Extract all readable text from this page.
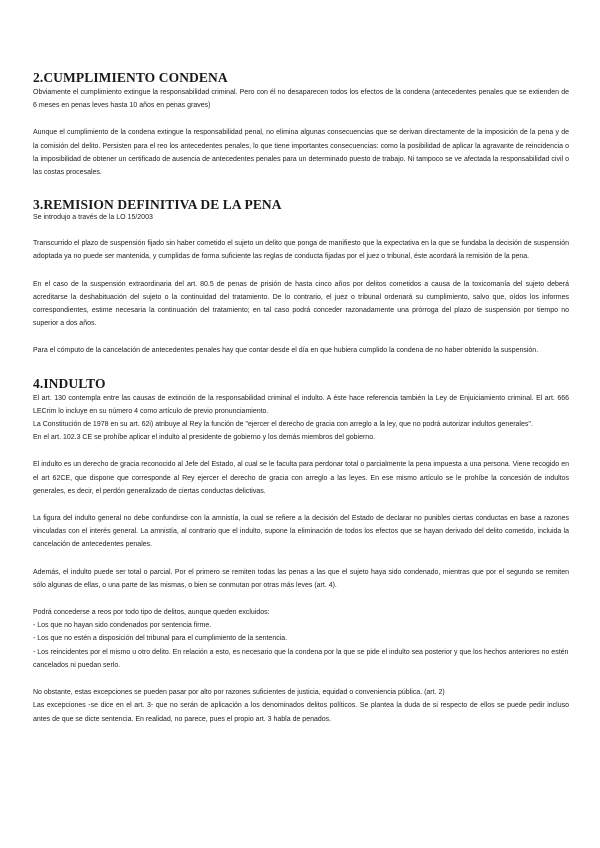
2.CUMPLIMIENTO CONDENA

Obviamente el cumplimiento extingue la responsabilidad criminal. Pero con él no desaparecen todos los efectos de la condena (antecedentes penales que se extienden de 6 meses en penas leves hasta 10 años en penas graves)

Aunque el cumplimiento de la condena extingue la responsabilidad penal, no elimina algunas consecuencias que se derivan directamente de la imposición de la pena y de la comisión del delito. Persisten para el reo los antecedentes penales, lo que tiene importantes consecuencias: como la posibilidad de aplicar la agravante de reincidencia o la imposibilidad de obtener un certificado de ausencia de antecedentes penales para un determinado puesto de trabajo. Ni tampoco se ve afectada la responsabilidad civil o las costas procesales.

3.REMISION DEFINITIVA DE LA PENA

Se introdujo a través de la LO 15/2003

Transcurrido el plazo de suspensión fijado sin haber cometido el sujeto un delito que ponga de manifiesto que la expectativa en la que se fundaba la decisión de suspensión adoptada ya no puede ser mantenida, y cumplidas de forma suficiente las reglas de conducta fijadas por el juez o tribunal, éste acordará la remisión de la pena.

En el caso de la suspensión extraordinaria del art. 80.5 de penas de prisión de hasta cinco años por delitos cometidos a causa de la toxicomanía del sujeto deberá acreditarse la deshabituación del sujeto o la continuidad del tratamiento. De lo contrario, el juez o tribunal ordenará su cumplimiento, salvo que, oídos los informes correspondientes, estime necesaria la continuación del tratamiento; en tal caso podrá conceder razonadamente una prórroga del plazo de suspensión por tiempo no superior a dos años.

Para el cómputo de la cancelación de antecedentes penales hay que contar desde el día en que hubiera cumplido la condena de no haber obtenido la suspensión.

4.INDULTO

El art. 130 contempla entre las causas de extinción de la responsabilidad criminal el indulto. A éste hace referencia también la Ley de Enjuiciamiento criminal. El art. 666 LECrim lo incluye en su número 4 como artículo de previo pronunciamiento.

La Constitución de 1978 en su art. 62i) atribuye al Rey la función de "ejercer el derecho de gracia con arreglo a la ley, que no podrá autorizar indultos generales".

En el art. 102.3 CE se prohíbe aplicar el indulto al presidente de gobierno y los demás miembros del gobierno.

El indulto es un derecho de gracia reconocido al Jefe del Estado, al cual se le faculta para perdonar total o parcialmente la pena impuesta a una persona. Viene recogido en el art 62CE, que dispone que corresponde al Rey ejercer el derecho de gracia con arreglo a las leyes. En ese mismo artículo se le prohíbe la concesión de indultos generales, es decir, el perdón generalizado de ciertas conductas delictivas.

La figura del indulto general no debe confundirse con la amnistía, la cual se refiere a la decisión del Estado de declarar no punibles ciertas conductas en base a razones vinculadas con el interés general. La amnistía, al contrario que el indulto, supone la eliminación de todos los efectos que se hayan derivado del delito cometido, incluida la cancelación de antecedentes penales.

Además, el indulto puede ser total o parcial. Por el primero se remiten todas las penas a las que el sujeto haya sido condenado, mientras que por el segundo se remiten sólo algunas de ellas, o una parte de las mismas, o bien se conmutan por otras más leves (art. 4).

Podrá concederse a reos por todo tipo de delitos, aunque queden excluidos:

- Los que no hayan sido condenados por sentencia firme.
- Los que no estén a disposición del tribunal para el cumplimiento de la sentencia.
- Los reincidentes por el mismo u otro delito. En relación a esto, es necesario que la condena por la que se pide el indulto sea posterior y que los hechos anteriores no estén cancelados ni puedan serlo.

No obstante, estas excepciones se pueden pasar por alto por razones suficientes de justicia, equidad o conveniencia pública. (art. 2)

Las excepciones -se dice en el art. 3- que no serán de aplicación a los denominados delitos políticos. Se plantea la duda de si respecto de ellos se puede pedir incluso antes de que se dicte sentencia. En realidad, no parece, pues el propio art. 3 habla de penados.
